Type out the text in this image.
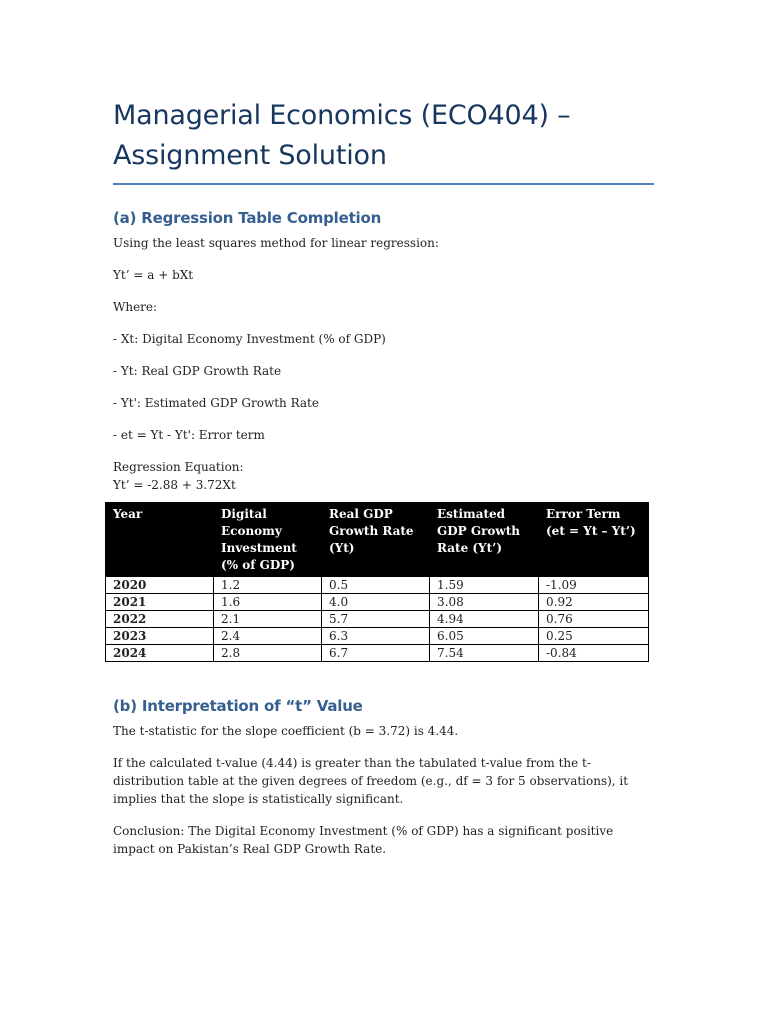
Managerial Economics (ECO404) – Assignment Solution
(a) Regression Table Completion

Using the least squares method for linear regression:

Yt’ = a + bXt

Where:

- Xt: Digital Economy Investment (% of GDP)

- Yt: Real GDP Growth Rate

- Yt': Estimated GDP Growth Rate

- et = Yt - Yt': Error term

Regression Equation:

Yt’ = -2.88 + 3.72Xt

Year	Digital Economy Investment (% of GDP)	Real GDP Growth Rate (Yt)	Estimated GDP Growth Rate (Yt’)	Error Term (et = Yt – Yt’)
2020	1.2	0.5	1.59	-1.09
2021	1.6	4.0	3.08	0.92
2022	2.1	5.7	4.94	0.76
2023	2.4	6.3	6.05	0.25
2024	2.8	6.7	7.54	-0.84
(b) Interpretation of “t” Value

The t-statistic for the slope coefficient (b = 3.72) is 4.44.

If the calculated t-value (4.44) is greater than the tabulated t-value from the t-distribution table at the given degrees of freedom (e.g., df = 3 for 5 observations), it implies that the slope is statistically significant.

Conclusion: The Digital Economy Investment (% of GDP) has a significant positive impact on Pakistan’s Real GDP Growth Rate.
